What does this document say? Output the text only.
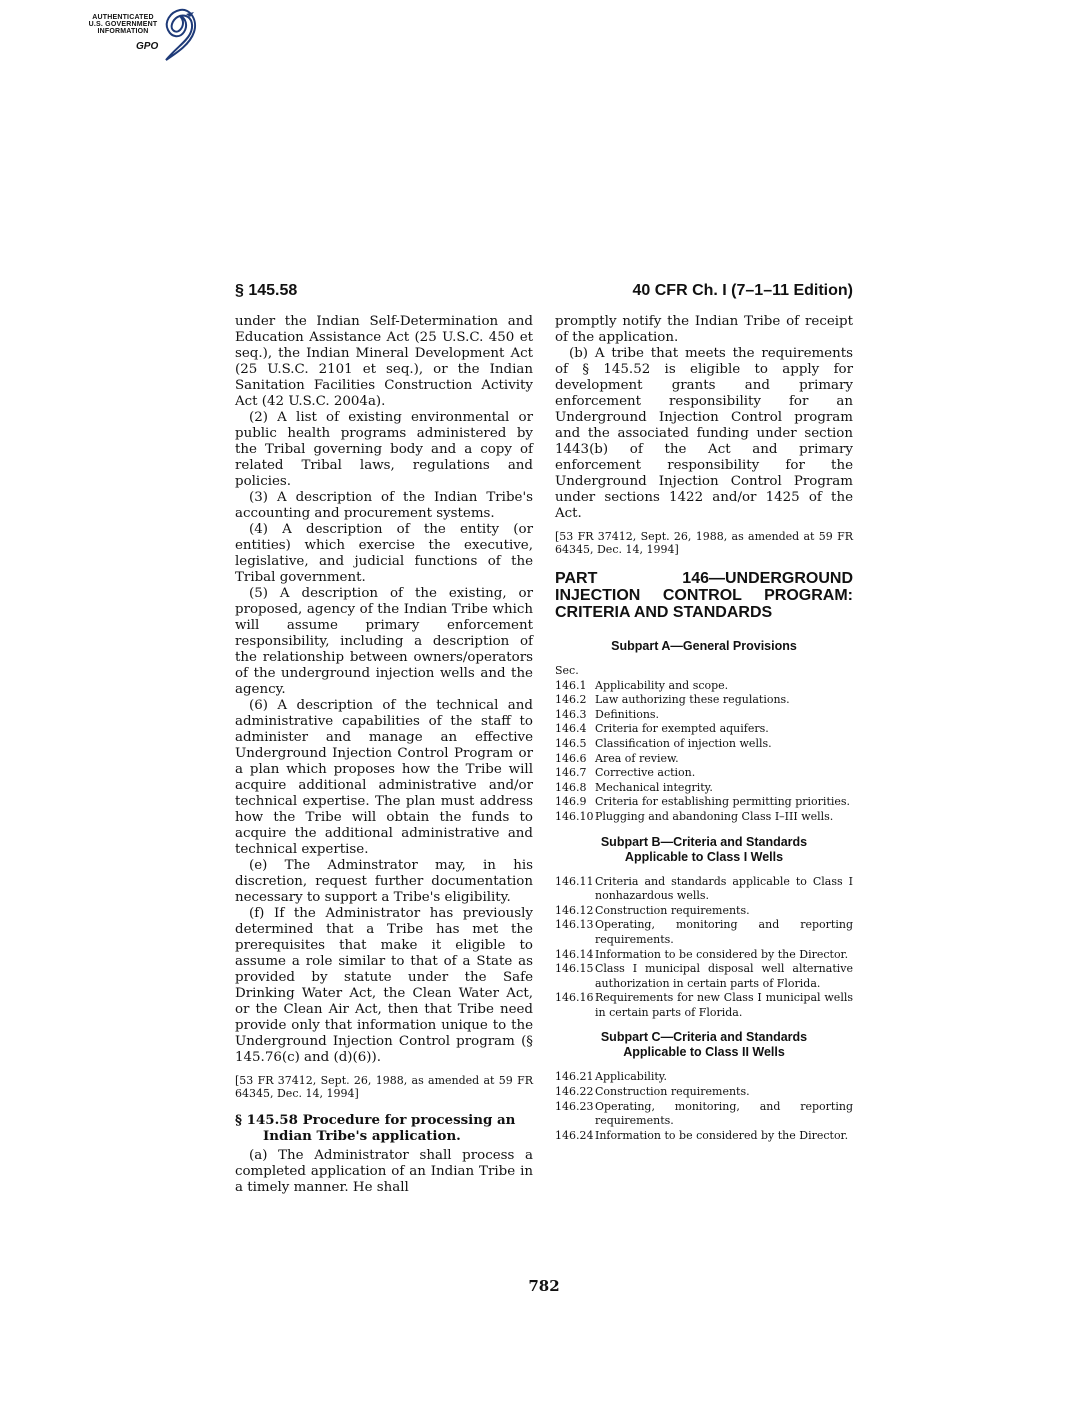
AUTHENTICATED
U.S. GOVERNMENT
INFORMATION
GPO
§ 145.58	40 CFR Ch. I (7–1–11 Edition)

under the Indian Self-Determination and Education Assistance Act (25 U.S.C. 450 et seq.), the Indian Mineral Development Act (25 U.S.C. 2101 et seq.), or the Indian Sanitation Facilities Construction Activity Act (42 U.S.C. 2004a).

(2) A list of existing environmental or public health programs administered by the Tribal governing body and a copy of related Tribal laws, regulations and policies.

(3) A description of the Indian Tribe's accounting and procurement systems.

(4) A description of the entity (or entities) which exercise the executive, legislative, and judicial functions of the Tribal government.

(5) A description of the existing, or proposed, agency of the Indian Tribe which will assume primary enforcement responsibility, including a description of the relationship between owners/operators of the underground injection wells and the agency.

(6) A description of the technical and administrative capabilities of the staff to administer and manage an effective Underground Injection Control Program or a plan which proposes how the Tribe will acquire additional administrative and/or technical expertise. The plan must address how the Tribe will obtain the funds to acquire the additional administrative and technical expertise.

(e) The Adminstrator may, in his discretion, request further documentation necessary to support a Tribe's eligibility.

(f) If the Administrator has previously determined that a Tribe has met the prerequisites that make it eligible to assume a role similar to that of a State as provided by statute under the Safe Drinking Water Act, the Clean Water Act, or the Clean Air Act, then that Tribe need provide only that information unique to the Underground Injection Control program (§ 145.76(c) and (d)(6)).

[53 FR 37412, Sept. 26, 1988, as amended at 59 FR 64345, Dec. 14, 1994]
§ 145.58 Procedure for processing an Indian Tribe's application.

(a) The Administrator shall process a completed application of an Indian Tribe in a timely manner. He shall

promptly notify the Indian Tribe of receipt of the application.

(b) A tribe that meets the requirements of § 145.52 is eligible to apply for development grants and primary enforcement responsibility for an Underground Injection Control program and the associated funding under section 1443(b) of the Act and primary enforcement responsibility for the Underground Injection Control Program under sections 1422 and/or 1425 of the Act.

[53 FR 37412, Sept. 26, 1988, as amended at 59 FR 64345, Dec. 14, 1994]
PART 146—UNDERGROUND INJECTION CONTROL PROGRAM: CRITERIA AND STANDARDS
Subpart A—General Provisions
Sec.
146.1 Applicability and scope.
146.2 Law authorizing these regulations.
146.3 Definitions.
146.4 Criteria for exempted aquifers.
146.5 Classification of injection wells.
146.6 Area of review.
146.7 Corrective action.
146.8 Mechanical integrity.
146.9 Criteria for establishing permitting priorities.
146.10 Plugging and abandoning Class I–III wells.
Subpart B—Criteria and Standards
Applicable to Class I Wells
146.11 Criteria and standards applicable to Class I nonhazardous wells.
146.12 Construction requirements.
146.13 Operating, monitoring and reporting requirements.
146.14 Information to be considered by the Director.
146.15 Class I municipal disposal well alternative authorization in certain parts of Florida.
146.16 Requirements for new Class I municipal wells in certain parts of Florida.
Subpart C—Criteria and Standards
Applicable to Class II Wells
146.21 Applicability.
146.22 Construction requirements.
146.23 Operating, monitoring, and reporting requirements.
146.24 Information to be considered by the Director.
782
